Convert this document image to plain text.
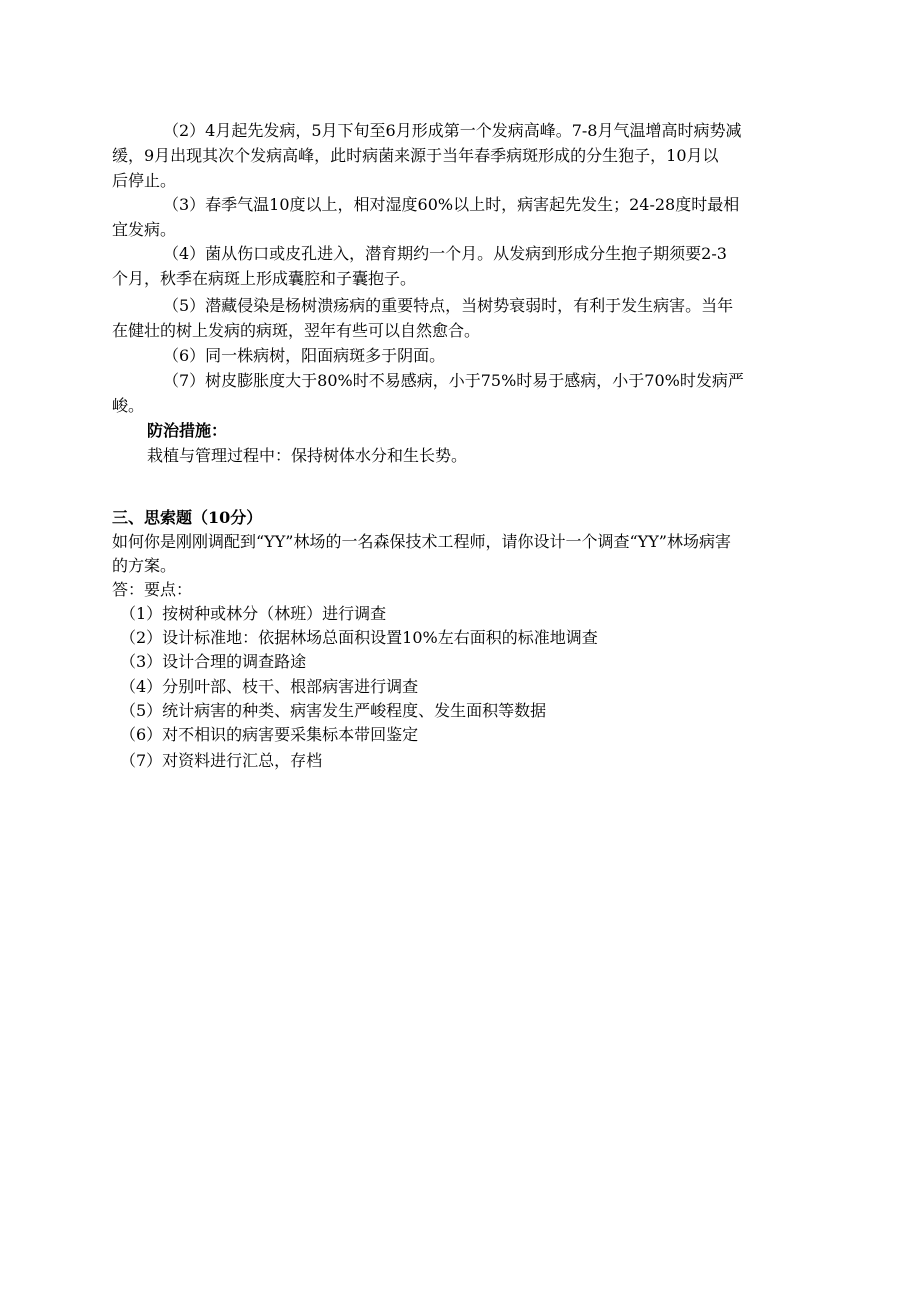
（2）4月起先发病，5月下旬至6月形成第一个发病高峰。7-8月气温增高时病势减
缓，9月出现其次个发病高峰，此时病菌来源于当年春季病斑形成的分生狍子，10月以
后停止。
（3）春季气温10度以上，相对湿度60%以上时，病害起先发生；24-28度时最相
宜发病。
（4）菌从伤口或皮孔进入，潜育期约一个月。从发病到形成分生抱子期须要2-3
个月，秋季在病斑上形成囊腔和子囊抱子。
（5）潜藏侵染是杨树溃疡病的重要特点，当树势衰弱时，有利于发生病害。当年
在健壮的树上发病的病斑，翌年有些可以自然愈合。
（6）同一株病树，阳面病斑多于阴面。
（7）树皮膨胀度大于80%时不易感病，小于75%时易于感病，小于70%时发病严
峻。
防治措施：
栽植与管理过程中：保持树体水分和生长势。
三、思索题（10分）
如何你是刚刚调配到“YY”林场的一名森保技术工程师，请你设计一个调查“YY”林场病害
的方案。
答：要点：
（1）按树种或林分（林班）进行调查
（2）设计标准地：依据林场总面积设置10%左右面积的标准地调查
（3）设计合理的调查路途
（4）分别叶部、枝干、根部病害进行调查
（5）统计病害的种类、病害发生严峻程度、发生面积等数据
（6）对不相识的病害要采集标本带回鉴定
（7）对资料进行汇总，存档
